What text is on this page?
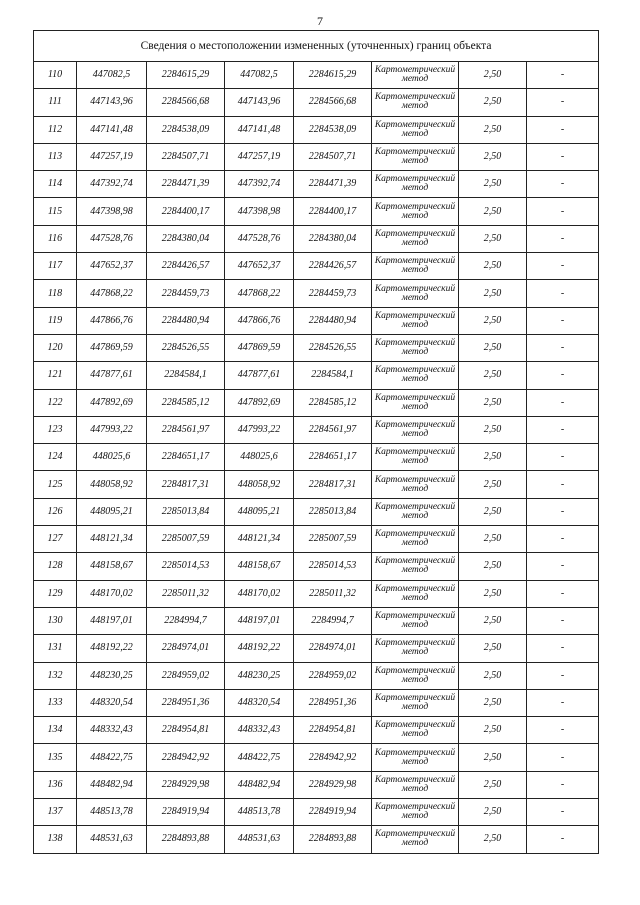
7
Сведения о местоположении измененных (уточненных) границ объекта							
110	447082,5	2284615,29	447082,5	2284615,29	Картометрический
метод	2,50	-
111	447143,96	2284566,68	447143,96	2284566,68	Картометрический
метод	2,50	-
112	447141,48	2284538,09	447141,48	2284538,09	Картометрический
метод	2,50	-
113	447257,19	2284507,71	447257,19	2284507,71	Картометрический
метод	2,50	-
114	447392,74	2284471,39	447392,74	2284471,39	Картометрический
метод	2,50	-
115	447398,98	2284400,17	447398,98	2284400,17	Картометрический
метод	2,50	-
116	447528,76	2284380,04	447528,76	2284380,04	Картометрический
метод	2,50	-
117	447652,37	2284426,57	447652,37	2284426,57	Картометрический
метод	2,50	-
118	447868,22	2284459,73	447868,22	2284459,73	Картометрический
метод	2,50	-
119	447866,76	2284480,94	447866,76	2284480,94	Картометрический
метод	2,50	-
120	447869,59	2284526,55	447869,59	2284526,55	Картометрический
метод	2,50	-
121	447877,61	2284584,1	447877,61	2284584,1	Картометрический
метод	2,50	-
122	447892,69	2284585,12	447892,69	2284585,12	Картометрический
метод	2,50	-
123	447993,22	2284561,97	447993,22	2284561,97	Картометрический
метод	2,50	-
124	448025,6	2284651,17	448025,6	2284651,17	Картометрический
метод	2,50	-
125	448058,92	2284817,31	448058,92	2284817,31	Картометрический
метод	2,50	-
126	448095,21	2285013,84	448095,21	2285013,84	Картометрический
метод	2,50	-
127	448121,34	2285007,59	448121,34	2285007,59	Картометрический
метод	2,50	-
128	448158,67	2285014,53	448158,67	2285014,53	Картометрический
метод	2,50	-
129	448170,02	2285011,32	448170,02	2285011,32	Картометрический
метод	2,50	-
130	448197,01	2284994,7	448197,01	2284994,7	Картометрический
метод	2,50	-
131	448192,22	2284974,01	448192,22	2284974,01	Картометрический
метод	2,50	-
132	448230,25	2284959,02	448230,25	2284959,02	Картометрический
метод	2,50	-
133	448320,54	2284951,36	448320,54	2284951,36	Картометрический
метод	2,50	-
134	448332,43	2284954,81	448332,43	2284954,81	Картометрический
метод	2,50	-
135	448422,75	2284942,92	448422,75	2284942,92	Картометрический
метод	2,50	-
136	448482,94	2284929,98	448482,94	2284929,98	Картометрический
метод	2,50	-
137	448513,78	2284919,94	448513,78	2284919,94	Картометрический
метод	2,50	-
138	448531,63	2284893,88	448531,63	2284893,88	Картометрический
метод	2,50	-
